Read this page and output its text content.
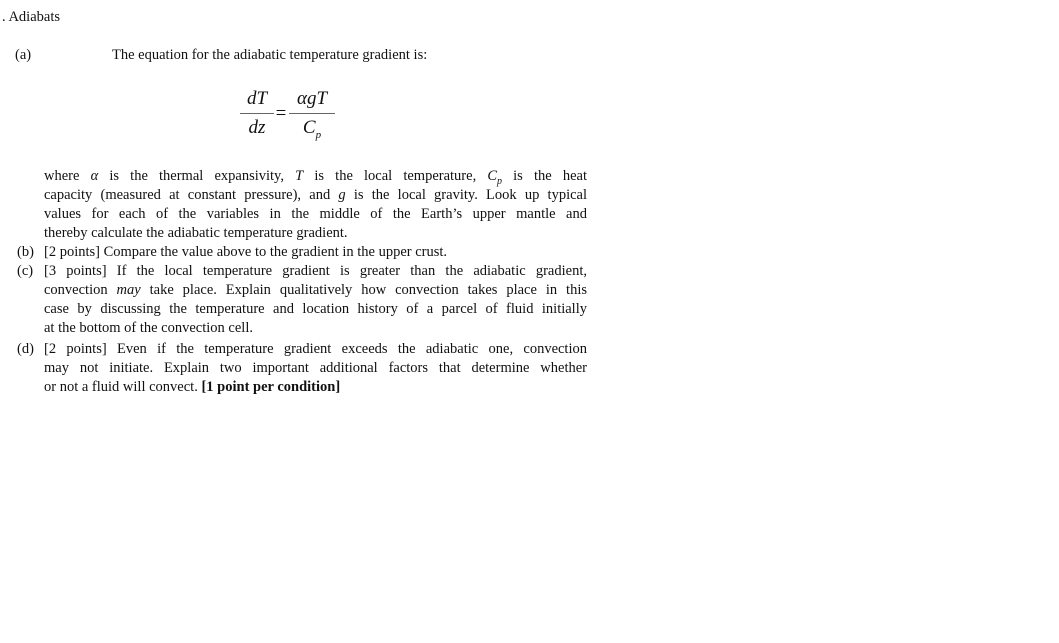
. Adiabats
(a)	The equation for the adiabatic temperature gradient is:
dT
dz
=
αgT
$C_p$
where α is the thermal expansivity, T is the local temperature, $C_p$ is the heat
capacity (measured at constant pressure), and g is the local gravity. Look up typical
values for each of the variables in the middle of the Earth’s upper mantle and
thereby calculate the adiabatic temperature gradient.
(b) [2 points] Compare the value above to the gradient in the upper crust.
(c) [3 points] If the local temperature gradient is greater than the adiabatic gradient,
convection may take place. Explain qualitatively how convection takes place in this
case by discussing the temperature and location history of a parcel of fluid initially
at the bottom of the convection cell.
(d) [2 points] Even if the temperature gradient exceeds the adiabatic one, convection
may not initiate. Explain two important additional factors that determine whether
or not a fluid will convect. [1 point per condition]
